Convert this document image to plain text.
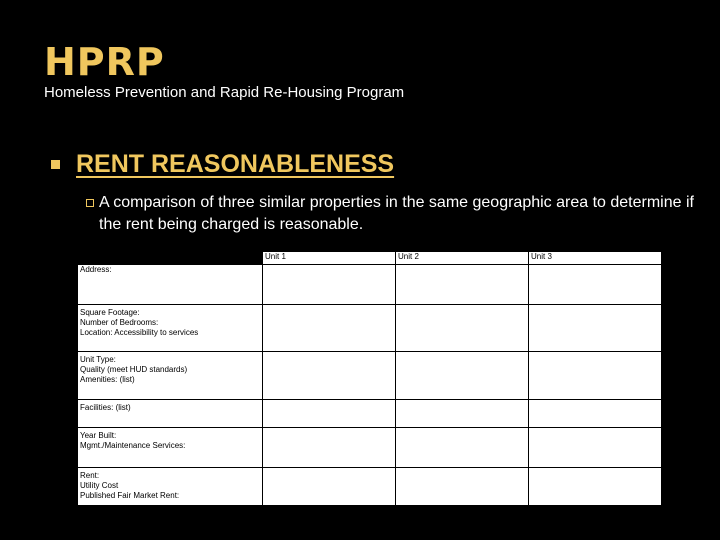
HPRP
Homeless Prevention and Rapid Re-Housing Program
RENT REASONABLENESS
A comparison of three similar properties in the same geographic area to determine if the rent being charged is reasonable.
	Unit 1	Unit 2	Unit 3

Address:			

Square Footage:
Number of Bedrooms:
Location: Accessibility to services			

Unit Type:
Quality (meet HUD standards)
Amenities: (list)			

Facilities: (list)			

Year Built:
Mgmt./Maintenance Services:			

Rent:
Utility Cost
Published Fair Market Rent:			
